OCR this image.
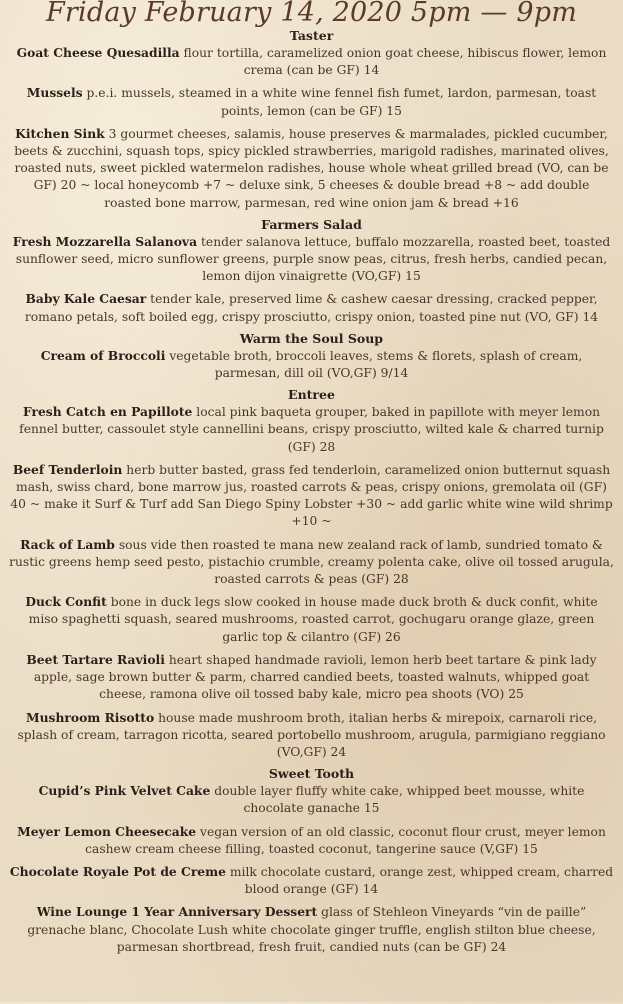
Friday February 14, 2020 5pm — 9pm
Taster
Goat Cheese Quesadilla flour tortilla, caramelized onion goat cheese, hibiscus flower, lemon crema (can be GF) 14
Mussels p.e.i. mussels, steamed in a white wine fennel fish fumet, lardon, parmesan, toast points, lemon (can be GF) 15
Kitchen Sink 3 gourmet cheeses, salamis, house preserves & marmalades, pickled cucumber, beets & zucchini, squash tops, spicy pickled strawberries, marigold radishes, marinated olives, roasted nuts, sweet pickled watermelon radishes, house whole wheat grilled bread (VO, can be GF) 20 ~ local honeycomb +7 ~ deluxe sink, 5 cheeses & double bread +8 ~ add double roasted bone marrow, parmesan, red wine onion jam & bread +16
Farmers Salad
Fresh Mozzarella Salanova tender salanova lettuce, buffalo mozzarella, roasted beet, toasted sunflower seed, micro sunflower greens, purple snow peas, citrus, fresh herbs, candied pecan, lemon dijon vinaigrette (VO,GF) 15
Baby Kale Caesar tender kale, preserved lime & cashew caesar dressing, cracked pepper, romano petals, soft boiled egg, crispy prosciutto, crispy onion, toasted pine nut (VO, GF) 14
Warm the Soul Soup
Cream of Broccoli vegetable broth, broccoli leaves, stems & florets, splash of cream, parmesan, dill oil (VO,GF) 9/14
Entree
Fresh Catch en Papillote local pink baqueta grouper, baked in papillote with meyer lemon fennel butter, cassoulet style cannellini beans, crispy prosciutto, wilted kale & charred turnip (GF) 28
Beef Tenderloin herb butter basted, grass fed tenderloin, caramelized onion butternut squash mash, swiss chard, bone marrow jus, roasted carrots & peas, crispy onions, gremolata oil (GF) 40 ~ make it Surf & Turf add San Diego Spiny Lobster +30 ~ add garlic white wine wild shrimp +10 ~
Rack of Lamb sous vide then roasted te mana new zealand rack of lamb, sundried tomato & rustic greens hemp seed pesto, pistachio crumble, creamy polenta cake, olive oil tossed arugula, roasted carrots & peas (GF) 28
Duck Confit bone in duck legs slow cooked in house made duck broth & duck confit, white miso spaghetti squash, seared mushrooms, roasted carrot, gochugaru orange glaze, green garlic top & cilantro (GF) 26
Beet Tartare Ravioli heart shaped handmade ravioli, lemon herb beet tartare & pink lady apple, sage brown butter & parm, charred candied beets, toasted walnuts, whipped goat cheese, ramona olive oil tossed baby kale, micro pea shoots (VO) 25
Mushroom Risotto house made mushroom broth, italian herbs & mirepoix, carnaroli rice, splash of cream, tarragon ricotta, seared portobello mushroom, arugula, parmigiano reggiano (VO,GF) 24
Sweet Tooth
Cupid’s Pink Velvet Cake double layer fluffy white cake, whipped beet mousse, white chocolate ganache 15
Meyer Lemon Cheesecake vegan version of an old classic, coconut flour crust, meyer lemon cashew cream cheese filling, toasted coconut, tangerine sauce (V,GF) 15
Chocolate Royale Pot de Creme milk chocolate custard, orange zest, whipped cream, charred blood orange (GF) 14
Wine Lounge 1 Year Anniversary Dessert glass of Stehleon Vineyards “vin de paille” grenache blanc, Chocolate Lush white chocolate ginger truffle, english stilton blue cheese, parmesan shortbread, fresh fruit, candied nuts (can be GF) 24
